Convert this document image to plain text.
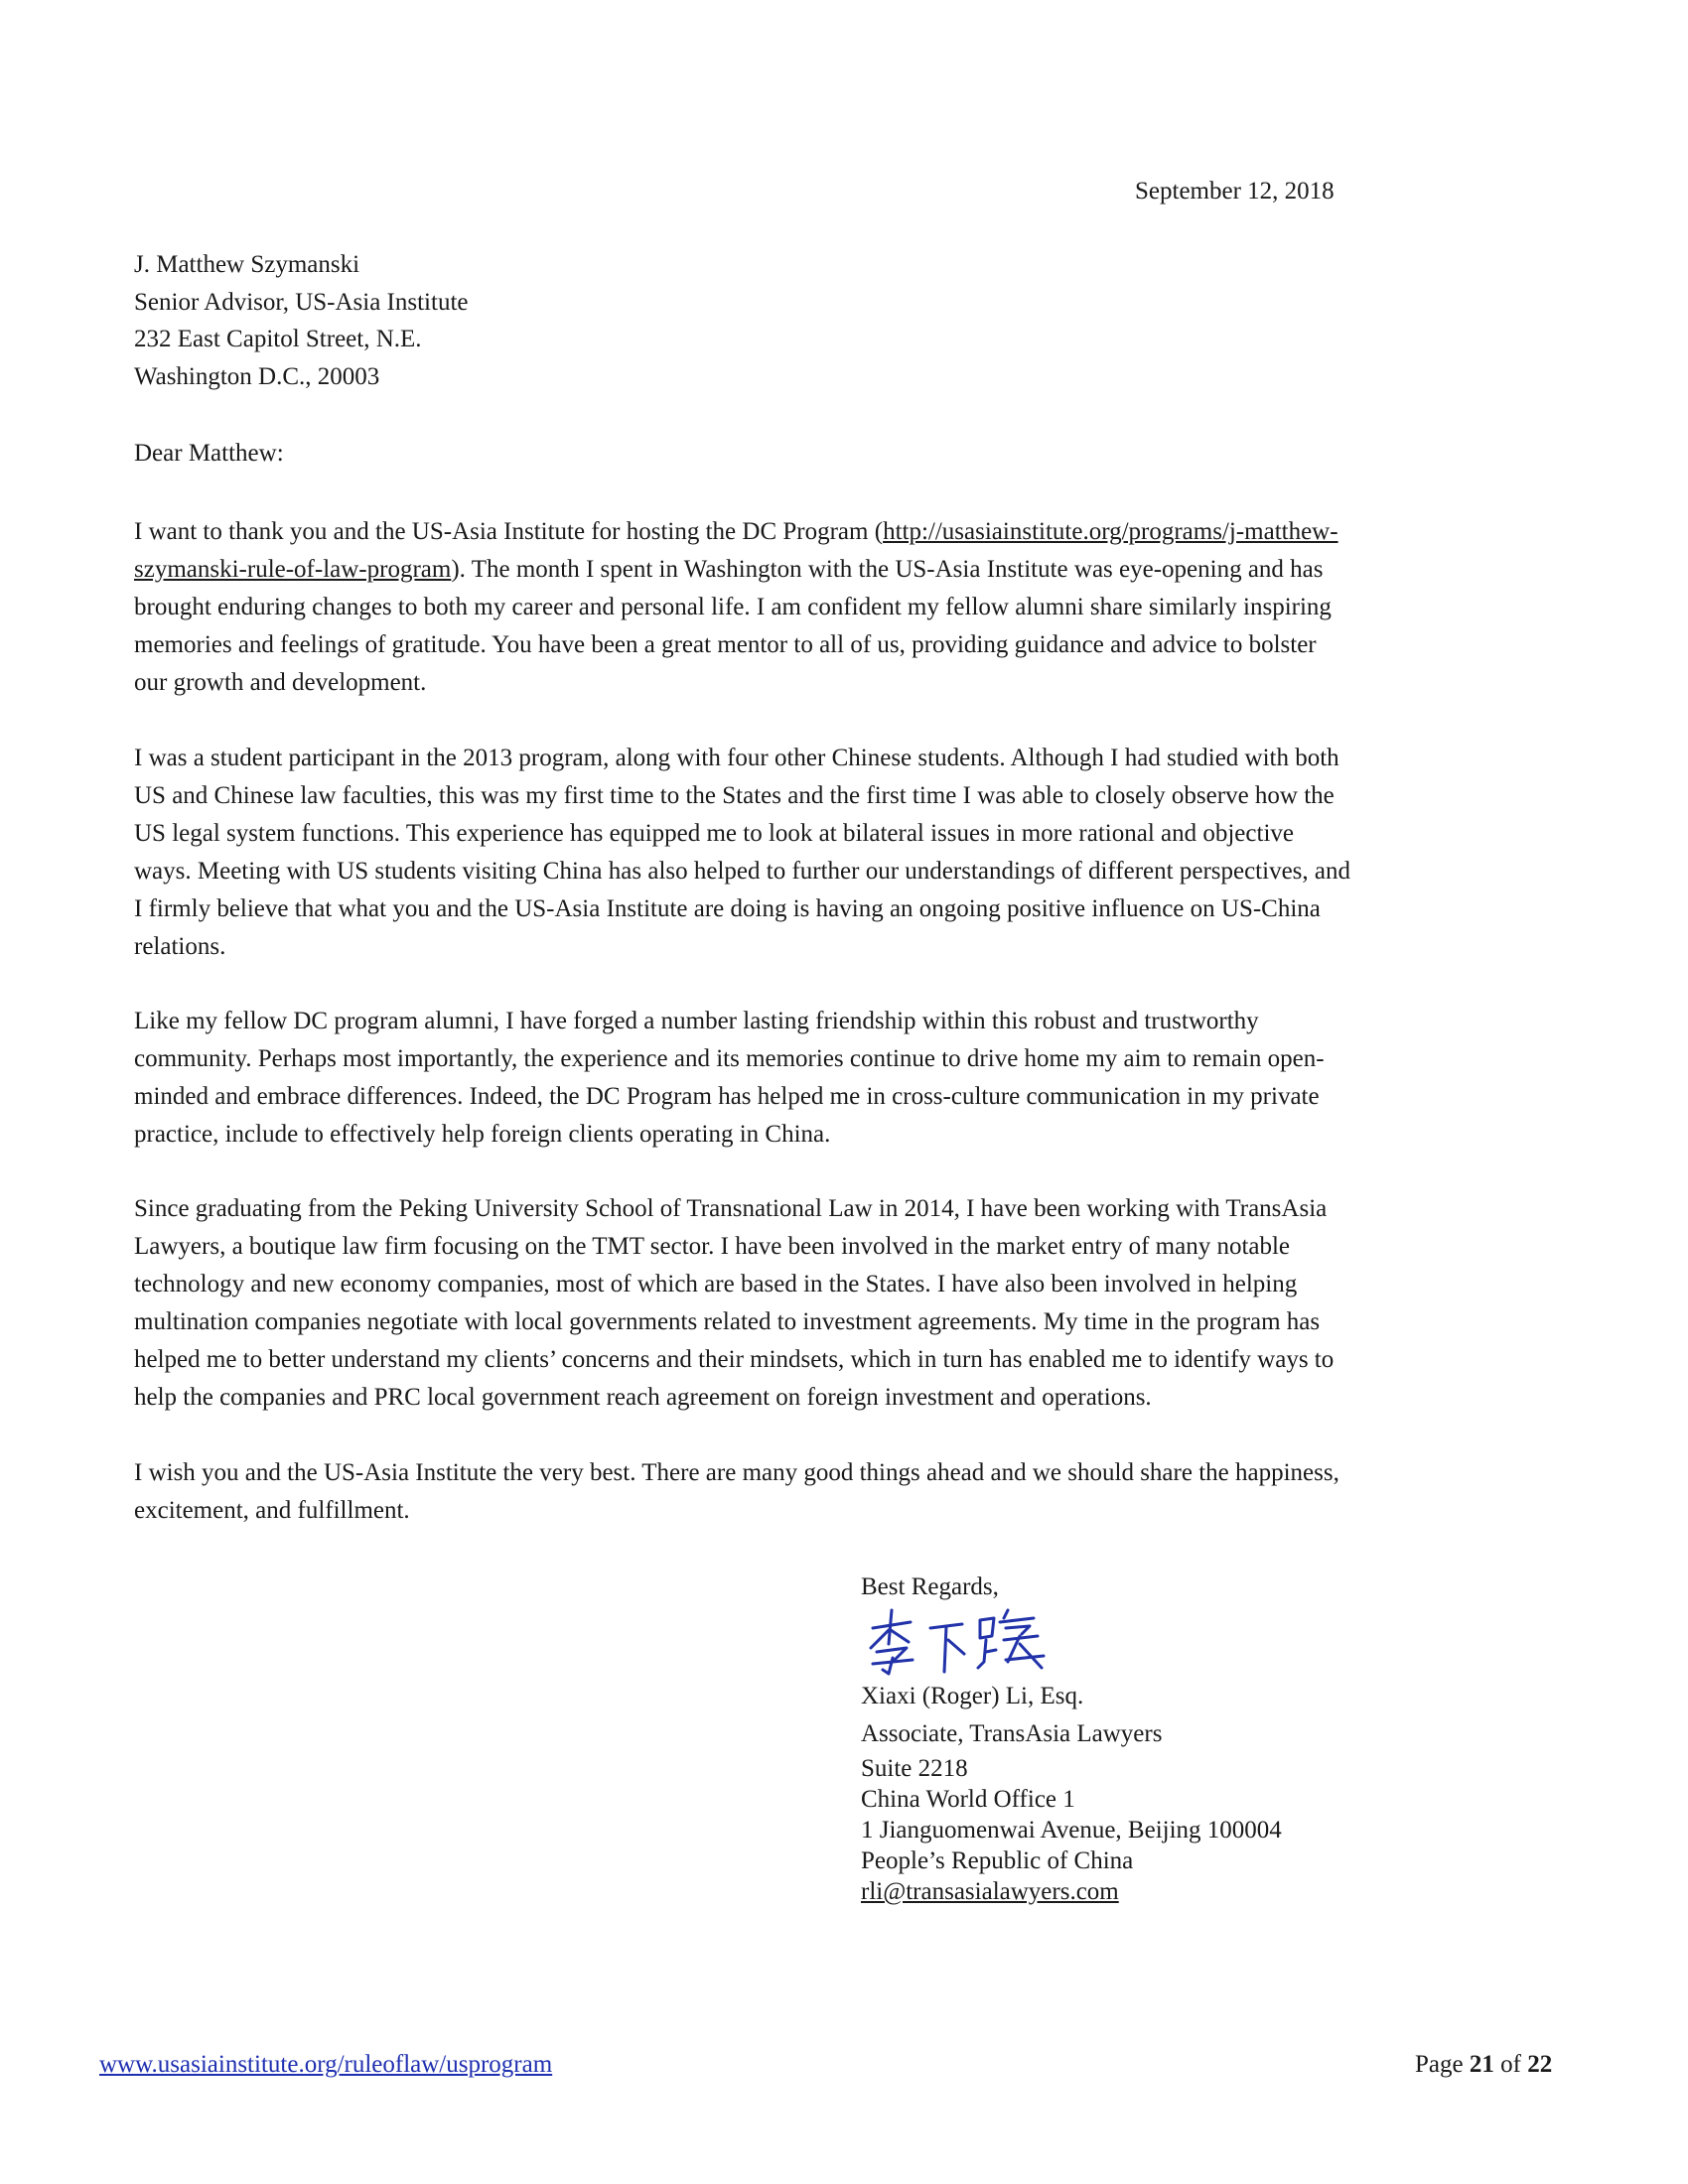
September 12, 2018
J. Matthew Szymanski
Senior Advisor, US-Asia Institute
232 East Capitol Street, N.E.
Washington D.C., 20003
Dear Matthew:
I want to thank you and the US-Asia Institute for hosting the DC Program (http://usasiainstitute.org/programs/j-matthew-
szymanski-rule-of-law-program). The month I spent in Washington with the US-Asia Institute was eye-opening and has
brought enduring changes to both my career and personal life. I am confident my fellow alumni share similarly inspiring
memories and feelings of gratitude. You have been a great mentor to all of us, providing guidance and advice to bolster
our growth and development.
I was a student participant in the 2013 program, along with four other Chinese students. Although I had studied with both
US and Chinese law faculties, this was my first time to the States and the first time I was able to closely observe how the
US legal system functions. This experience has equipped me to look at bilateral issues in more rational and objective
ways. Meeting with US students visiting China has also helped to further our understandings of different perspectives, and
I firmly believe that what you and the US-Asia Institute are doing is having an ongoing positive influence on US-China
relations.
Like my fellow DC program alumni, I have forged a number lasting friendship within this robust and trustworthy
community. Perhaps most importantly, the experience and its memories continue to drive home my aim to remain open-
minded and embrace differences. Indeed, the DC Program has helped me in cross-culture communication in my private
practice, include to effectively help foreign clients operating in China.
Since graduating from the Peking University School of Transnational Law in 2014, I have been working with TransAsia
Lawyers, a boutique law firm focusing on the TMT sector. I have been involved in the market entry of many notable
technology and new economy companies, most of which are based in the States. I have also been involved in helping
multination companies negotiate with local governments related to investment agreements. My time in the program has
helped me to better understand my clients’ concerns and their mindsets, which in turn has enabled me to identify ways to
help the companies and PRC local government reach agreement on foreign investment and operations.
I wish you and the US-Asia Institute the very best. There are many good things ahead and we should share the happiness,
excitement, and fulfillment.
Best Regards,
Xiaxi (Roger) Li, Esq.
Associate, TransAsia Lawyers
Suite 2218
China World Office 1
1 Jianguomenwai Avenue, Beijing 100004
People’s Republic of China
rli@transasialawyers.com
www.usasiainstitute.org/ruleoflaw/usprogram	Page 21 of 22
